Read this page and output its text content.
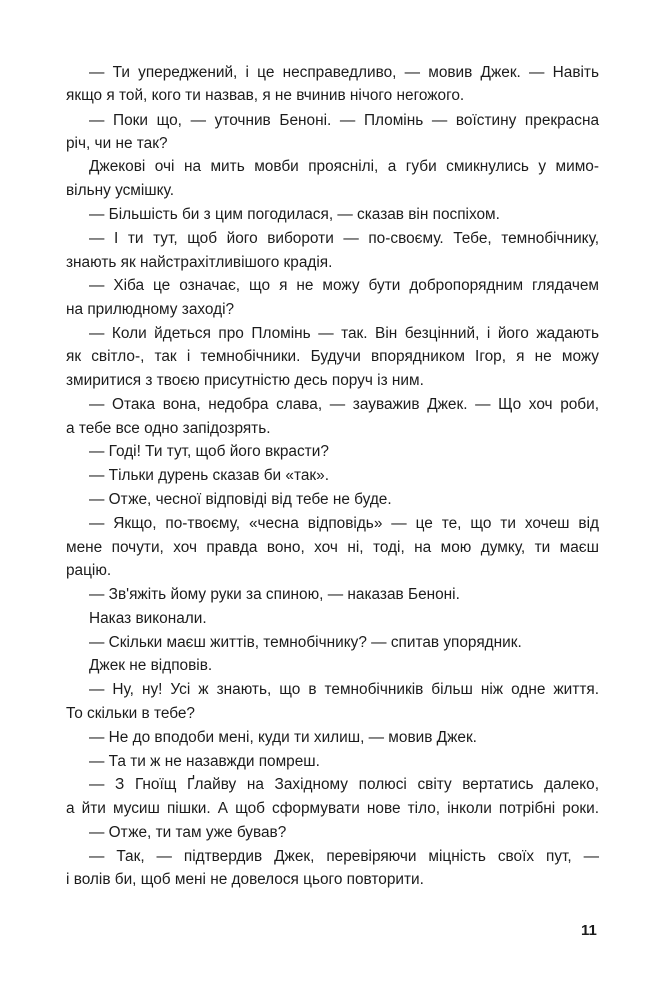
— Ти упереджений, і це несправедливо, — мовив Джек. — Навіть
якщо я той, кого ти назвав, я не вчинив нічого негожого.
— Поки що, — уточнив Беноні. — Пломінь — воїстину прекрасна
річ, чи не так?
Джекові очі на мить мовби прояснілі, а губи смикнулись у мимо-
вільну усмішку.
— Більшість би з цим погодилася, — сказав він поспіхом.
— І ти тут, щоб його вибороти — по-своєму. Тебе, темнобічнику,
знають як найстрахітливішого крадія.
— Хіба це означає, що я не можу бути добропорядним глядачем
на прилюдному заході?
— Коли йдеться про Пломінь — так. Він безцінний, і його жадають
як світло-, так і темнобічники. Будучи впорядником Ігор, я не можу
змиритися з твоєю присутністю десь поруч із ним.
— Отака вона, недобра слава, — зауважив Джек. — Що хоч роби,
а тебе все одно запідозрять.
— Годі! Ти тут, щоб його вкрасти?
— Тільки дурень сказав би «так».
— Отже, чесної відповіді від тебе не буде.
— Якщо, по-твоєму, «чесна відповідь» — це те, що ти хочеш від
мене почути, хоч правда воно, хоч ні, тоді, на мою думку, ти маєш
рацію.
— Зв'яжіть йому руки за спиною, — наказав Беноні.
Наказ виконали.
— Скільки маєш життів, темнобічнику? — спитав упорядник.
Джек не відповів.
— Ну, ну! Усі ж знають, що в темнобічників більш ніж одне життя.
То скільки в тебе?
— Не до вподоби мені, куди ти хилиш, — мовив Джек.
— Та ти ж не назавжди помреш.
— З Гноїщ Ґлайву на Західному полюсі світу вертатись далеко,
а йти мусиш пішки. А щоб сформувати нове тіло, інколи потрібні роки.
— Отже, ти там уже бував?
— Так, — підтвердив Джек, перевіряючи міцність своїх пут, —
і волів би, щоб мені не довелося цього повторити.
11
